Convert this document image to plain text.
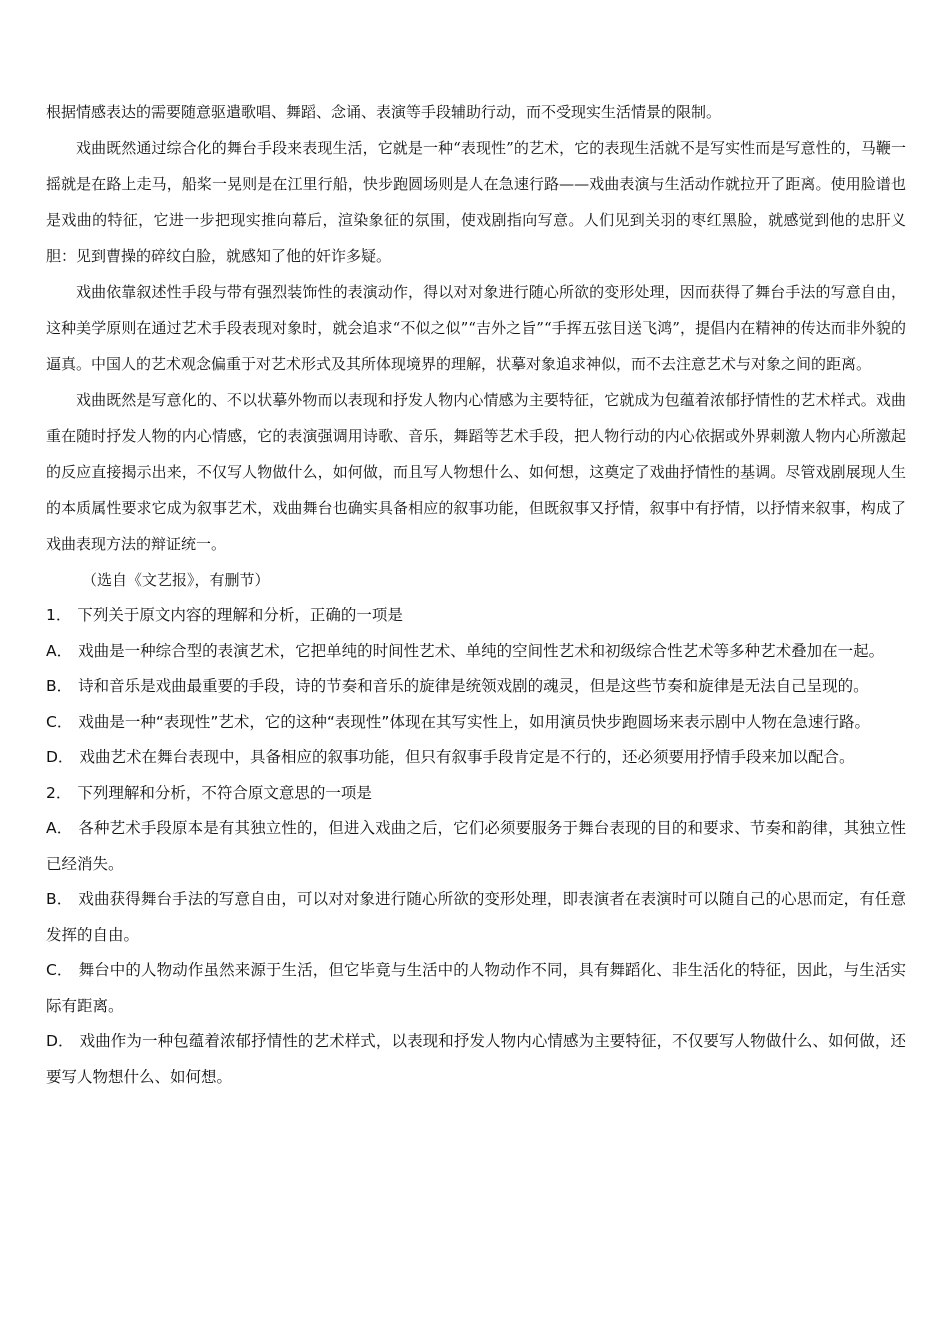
根据情感表达的需要随意驱遣歌唱、舞蹈、念诵、表演等手段辅助行动，而不受现实生活情景的限制。

戏曲既然通过综合化的舞台手段来表现生活，它就是一种“表现性”的艺术，它的表现生活就不是写实性而是写意性的，马鞭一摇就是在路上走马，船桨一晃则是在江里行船，快步跑圆场则是人在急速行路——戏曲表演与生活动作就拉开了距离。使用脸谱也是戏曲的特征，它进一步把现实推向幕后，渲染象征的氛围，使戏剧指向写意。人们见到关羽的枣红黑脸，就感觉到他的忠肝义胆：见到曹操的碎纹白脸，就感知了他的奸诈多疑。

戏曲依靠叙述性手段与带有强烈装饰性的表演动作，得以对对象进行随心所欲的变形处理，因而获得了舞台手法的写意自由，这种美学原则在通过艺术手段表现对象时，就会追求“不似之似”“吉外之旨”“手挥五弦目送飞鸿”，提倡内在精神的传达而非外貌的逼真。中国人的艺术观念偏重于对艺术形式及其所体现境界的理解，状摹对象追求神似，而不去注意艺术与对象之间的距离。

戏曲既然是写意化的、不以状摹外物而以表现和抒发人物内心情感为主要特征，它就成为包蕴着浓郁抒情性的艺术样式。戏曲重在随时抒发人物的内心情感，它的表演强调用诗歌、音乐，舞蹈等艺术手段，把人物行动的内心依据或外界刺激人物内心所激起的反应直接揭示出来，不仅写人物做什么，如何做，而且写人物想什么、如何想，这奠定了戏曲抒情性的基调。尽管戏剧展现人生的本质属性要求它成为叙事艺术，戏曲舞台也确实具备相应的叙事功能，但既叙事又抒情，叙事中有抒情，以抒情来叙事，构成了戏曲表现方法的辩证统一。

（选自《文艺报》，有删节）

1． 下列关于原文内容的理解和分析，正确的一项是

A． 戏曲是一种综合型的表演艺术，它把单纯的时间性艺术、单纯的空间性艺术和初级综合性艺术等多种艺术叠加在一起。

B． 诗和音乐是戏曲最重要的手段，诗的节奏和音乐的旋律是统领戏剧的魂灵，但是这些节奏和旋律是无法自己呈现的。

C． 戏曲是一种“表现性”艺术，它的这种“表现性”体现在其写实性上，如用演员快步跑圆场来表示剧中人物在急速行路。

D． 戏曲艺术在舞台表现中，具备相应的叙事功能，但只有叙事手段肯定是不行的，还必须要用抒情手段来加以配合。

2． 下列理解和分析，不符合原文意思的一项是

A． 各种艺术手段原本是有其独立性的，但进入戏曲之后，它们必须要服务于舞台表现的目的和要求、节奏和韵律，其独立性已经消失。

B． 戏曲获得舞台手法的写意自由，可以对对象进行随心所欲的变形处理，即表演者在表演时可以随自己的心思而定，有任意发挥的自由。

C． 舞台中的人物动作虽然来源于生活，但它毕竟与生活中的人物动作不同，具有舞蹈化、非生活化的特征，因此，与生活实际有距离。

D． 戏曲作为一种包蕴着浓郁抒情性的艺术样式，以表现和抒发人物内心情感为主要特征，不仅要写人物做什么、如何做，还要写人物想什么、如何想。
